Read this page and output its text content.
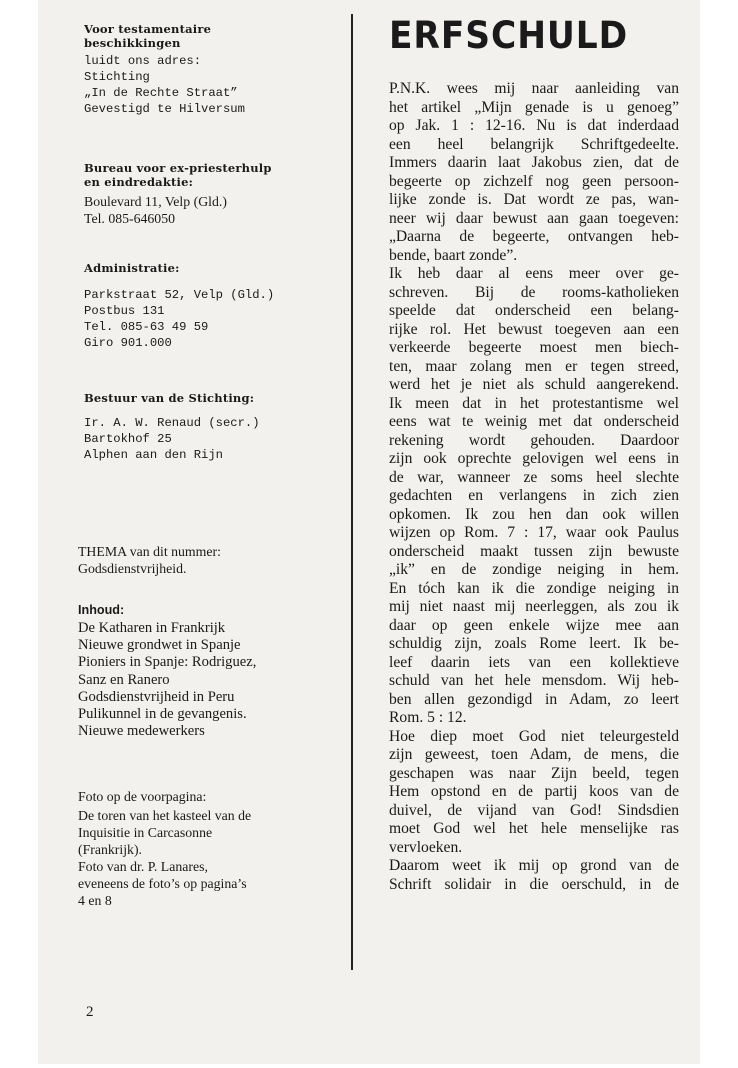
Voor testamentaire
beschikkingen
luidt ons adres:
Stichting
„In de Rechte Straat”
Gevestigd te Hilversum
Bureau voor ex-priesterhulp
en eindredaktie:
Boulevard 11, Velp (Gld.)
Tel. 085-646050
Administratie:
Parkstraat 52, Velp (Gld.)
Postbus 131
Tel. 085-63 49 59
Giro 901.000
Bestuur van de Stichting:
Ir. A. W. Renaud (secr.)
Bartokhof 25
Alphen aan den Rijn
THEMA van dit nummer:
Godsdienstvrijheid.
Inhoud:
De Katharen in Frankrijk
Nieuwe grondwet in Spanje
Pioniers in Spanje: Rodriguez,
Sanz en Ranero
Godsdienstvrijheid in Peru
Pulikunnel in de gevangenis.
Nieuwe medewerkers
Foto op de voorpagina:
De toren van het kasteel van de
Inquisitie in Carcasonne
(Frankrijk).
Foto van dr. P. Lanares,
eveneens de foto’s op pagina’s
4 en 8
ERFSCHULD
P.N.K. wees mij naar aanleiding van
het artikel „Mijn genade is u genoeg”
op Jak. 1 : 12-16. Nu is dat inderdaad
een heel belangrijk Schriftgedeelte.
Immers daarin laat Jakobus zien, dat de
begeerte op zichzelf nog geen persoon-
lijke zonde is. Dat wordt ze pas, wan-
neer wij daar bewust aan gaan toegeven:
„Daarna de begeerte, ontvangen heb-
bende, baart zonde”.
Ik heb daar al eens meer over ge-
schreven. Bij de rooms-katholieken
speelde dat onderscheid een belang-
rijke rol. Het bewust toegeven aan een
verkeerde begeerte moest men biech-
ten, maar zolang men er tegen streed,
werd het je niet als schuld aangerekend.
Ik meen dat in het protestantisme wel
eens wat te weinig met dat onderscheid
rekening wordt gehouden. Daardoor
zijn ook oprechte gelovigen wel eens in
de war, wanneer ze soms heel slechte
gedachten en verlangens in zich zien
opkomen. Ik zou hen dan ook willen
wijzen op Rom. 7 : 17, waar ook Paulus
onderscheid maakt tussen zijn bewuste
„ik” en de zondige neiging in hem.
En tóch kan ik die zondige neiging in
mij niet naast mij neerleggen, als zou ik
daar op geen enkele wijze mee aan
schuldig zijn, zoals Rome leert. Ik be-
leef daarin iets van een kollektieve
schuld van het hele mensdom. Wij heb-
ben allen gezondigd in Adam, zo leert
Rom. 5 : 12.
Hoe diep moet God niet teleurgesteld
zijn geweest, toen Adam, de mens, die
geschapen was naar Zijn beeld, tegen
Hem opstond en de partij koos van de
duivel, de vijand van God! Sindsdien
moet God wel het hele menselijke ras
vervloeken.
Daarom weet ik mij op grond van de
Schrift solidair in die oerschuld, in de
2
